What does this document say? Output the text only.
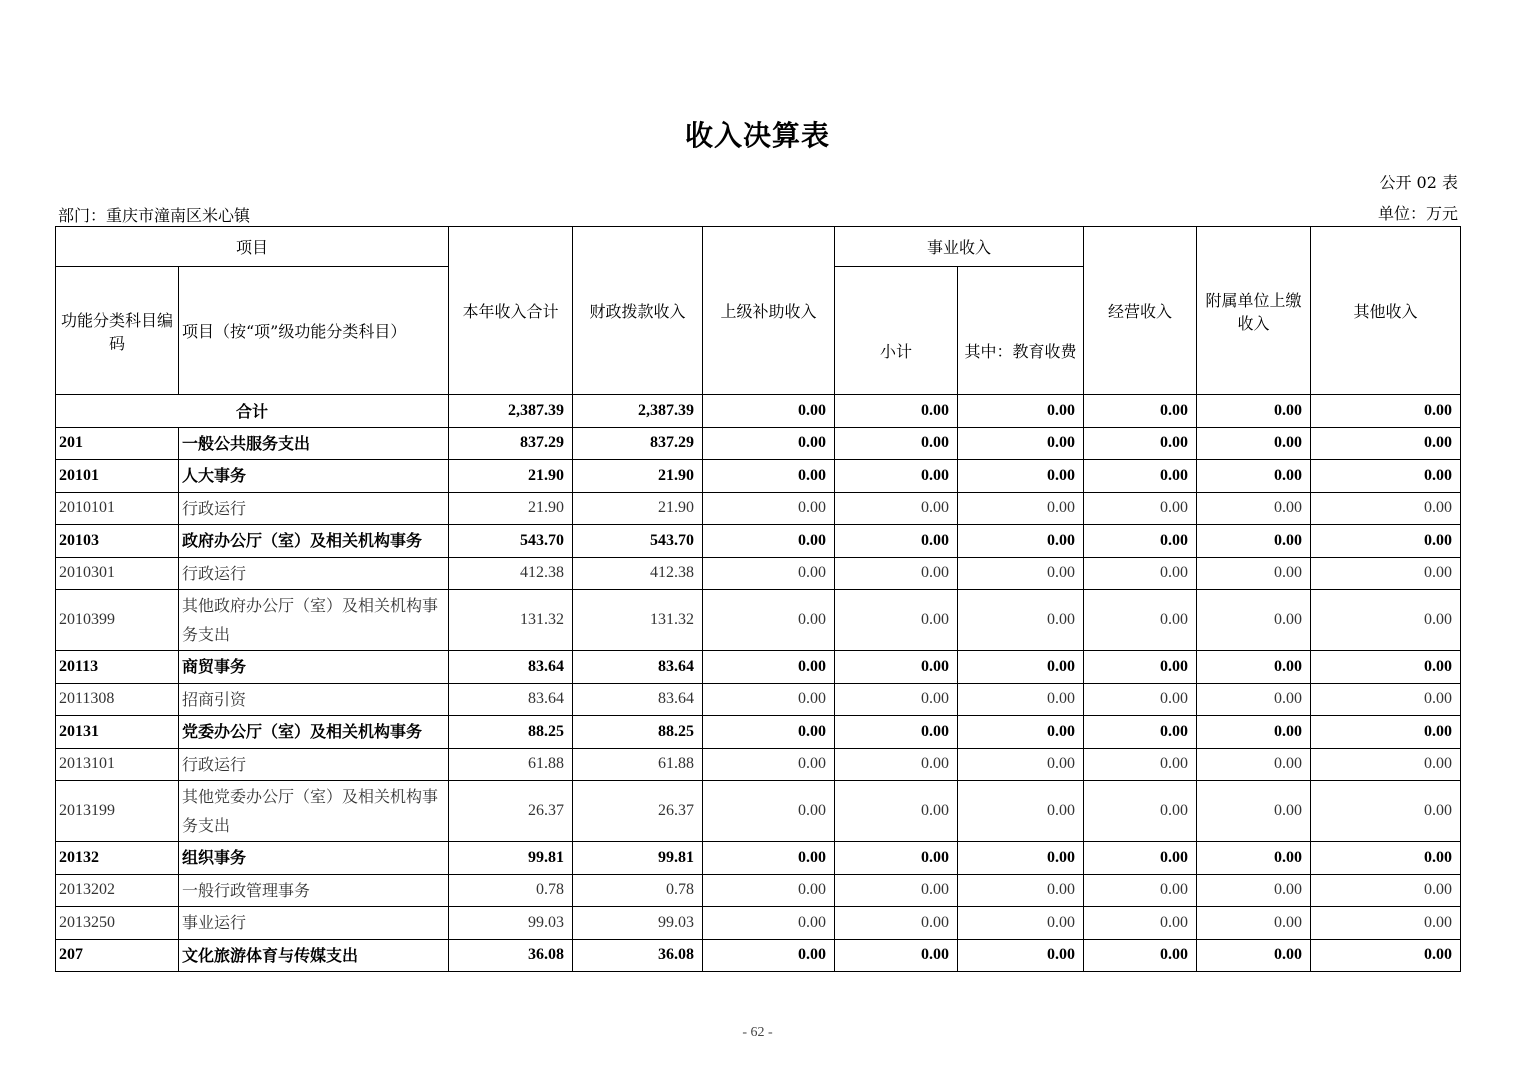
收入决算表
公开 02 表
部门：重庆市潼南区米心镇	单位：万元
项目		本年收入合计	财政拨款收入	上级补助收入	事业收入		经营收入	附属单位上缴收入	其他收入
功能分类科目编码	项目（按“项”级功能分类科目）				小计	其中：教育收费			
合计		2,387.39	2,387.39	0.00	0.00	0.00	0.00	0.00	0.00
201	一般公共服务支出	837.29	837.29	0.00	0.00	0.00	0.00	0.00	0.00
20101	人大事务	21.90	21.90	0.00	0.00	0.00	0.00	0.00	0.00
2010101	行政运行	21.90	21.90	0.00	0.00	0.00	0.00	0.00	0.00
20103	政府办公厅（室）及相关机构事务	543.70	543.70	0.00	0.00	0.00	0.00	0.00	0.00
2010301	行政运行	412.38	412.38	0.00	0.00	0.00	0.00	0.00	0.00
2010399	其他政府办公厅（室）及相关机构事务支出	131.32	131.32	0.00	0.00	0.00	0.00	0.00	0.00
20113	商贸事务	83.64	83.64	0.00	0.00	0.00	0.00	0.00	0.00
2011308	招商引资	83.64	83.64	0.00	0.00	0.00	0.00	0.00	0.00
20131	党委办公厅（室）及相关机构事务	88.25	88.25	0.00	0.00	0.00	0.00	0.00	0.00
2013101	行政运行	61.88	61.88	0.00	0.00	0.00	0.00	0.00	0.00
2013199	其他党委办公厅（室）及相关机构事务支出	26.37	26.37	0.00	0.00	0.00	0.00	0.00	0.00
20132	组织事务	99.81	99.81	0.00	0.00	0.00	0.00	0.00	0.00
2013202	一般行政管理事务	0.78	0.78	0.00	0.00	0.00	0.00	0.00	0.00
2013250	事业运行	99.03	99.03	0.00	0.00	0.00	0.00	0.00	0.00
207	文化旅游体育与传媒支出	36.08	36.08	0.00	0.00	0.00	0.00	0.00	0.00
- 62 -
